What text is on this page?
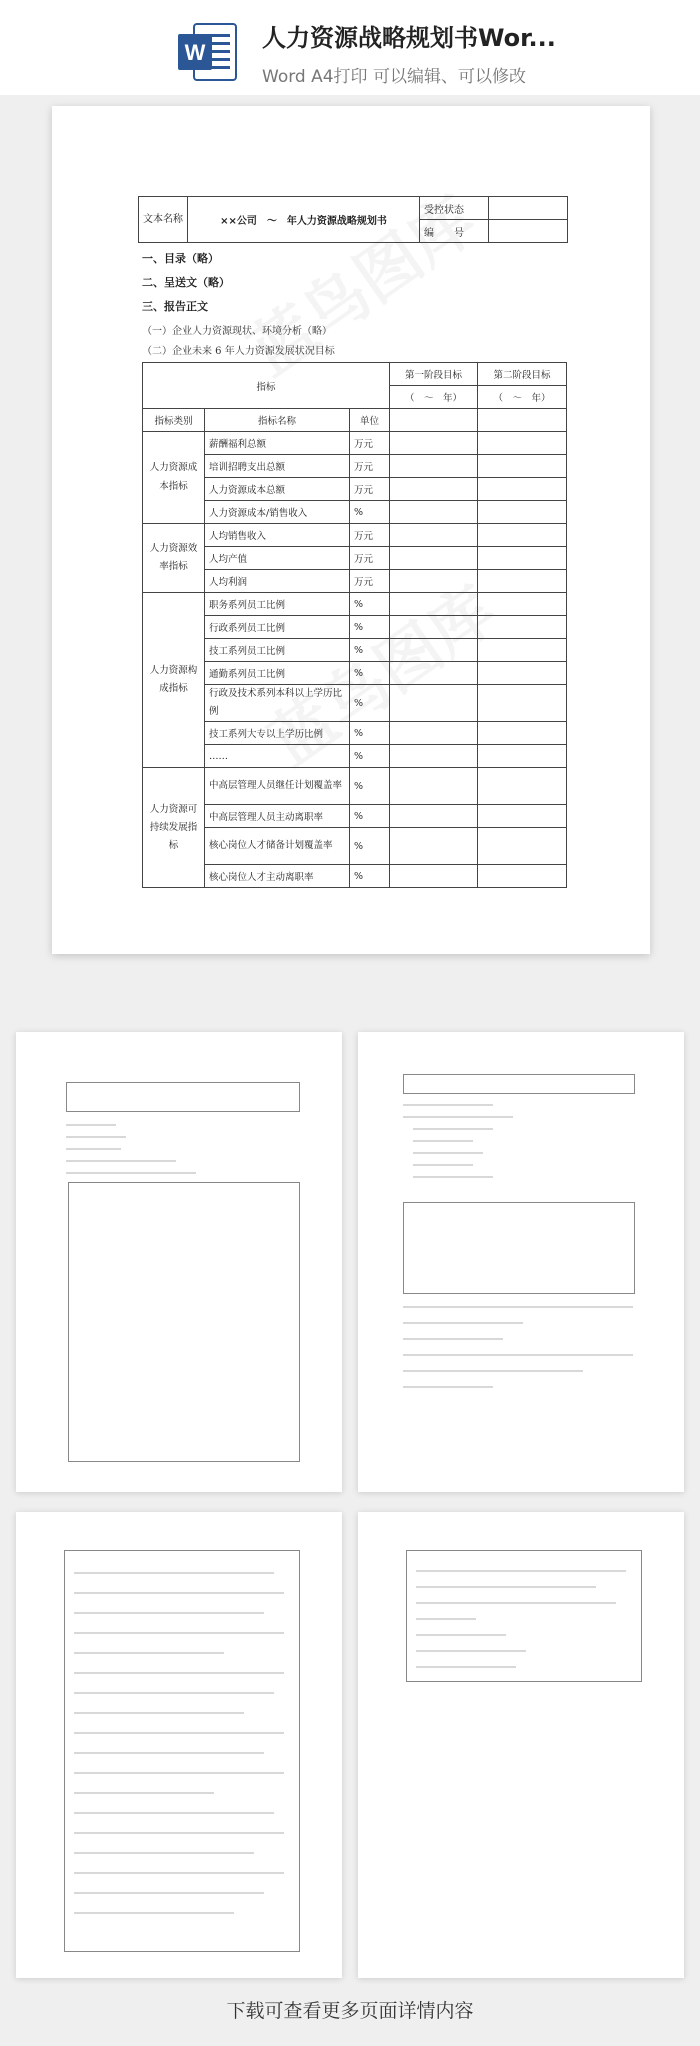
W
人力资源战略规划书Wor...
Word A4打印 可以编辑、可以修改
文本名称	××公司　～　年人力资源战略规划书	受控状态	
		编　　号	
一、目录（略）
二、呈送文（略）
三、报告正文
（一）企业人力资源现状、环境分析（略）
（二）企业未来 6 年人力资源发展状况目标
指标			第一阶段目标	第二阶段目标
			（　～　年）	（　～　年）
指标类别	指标名称	单位		
人力资源成本指标	薪酬福利总额	万元		
	培训招聘支出总额	万元		
	人力资源成本总额	万元		
	人力资源成本/销售收入	%		
人力资源效率指标	人均销售收入	万元		
	人均产值	万元		
	人均利润	万元		
人力资源构成指标	职务系列员工比例	%		
	行政系列员工比例	%		
	技工系列员工比例	%		
	通勤系列员工比例	%		
	行政及技术系列本科以上学历比例	%		
	技工系列大专以上学历比例	%		
	……	%		
人力资源可持续发展指标	中高层管理人员继任计划覆盖率	%		
	中高层管理人员主动离职率	%		
	核心岗位人才储备计划覆盖率	%		
	核心岗位人才主动离职率	%		
下载可查看更多页面详情内容
